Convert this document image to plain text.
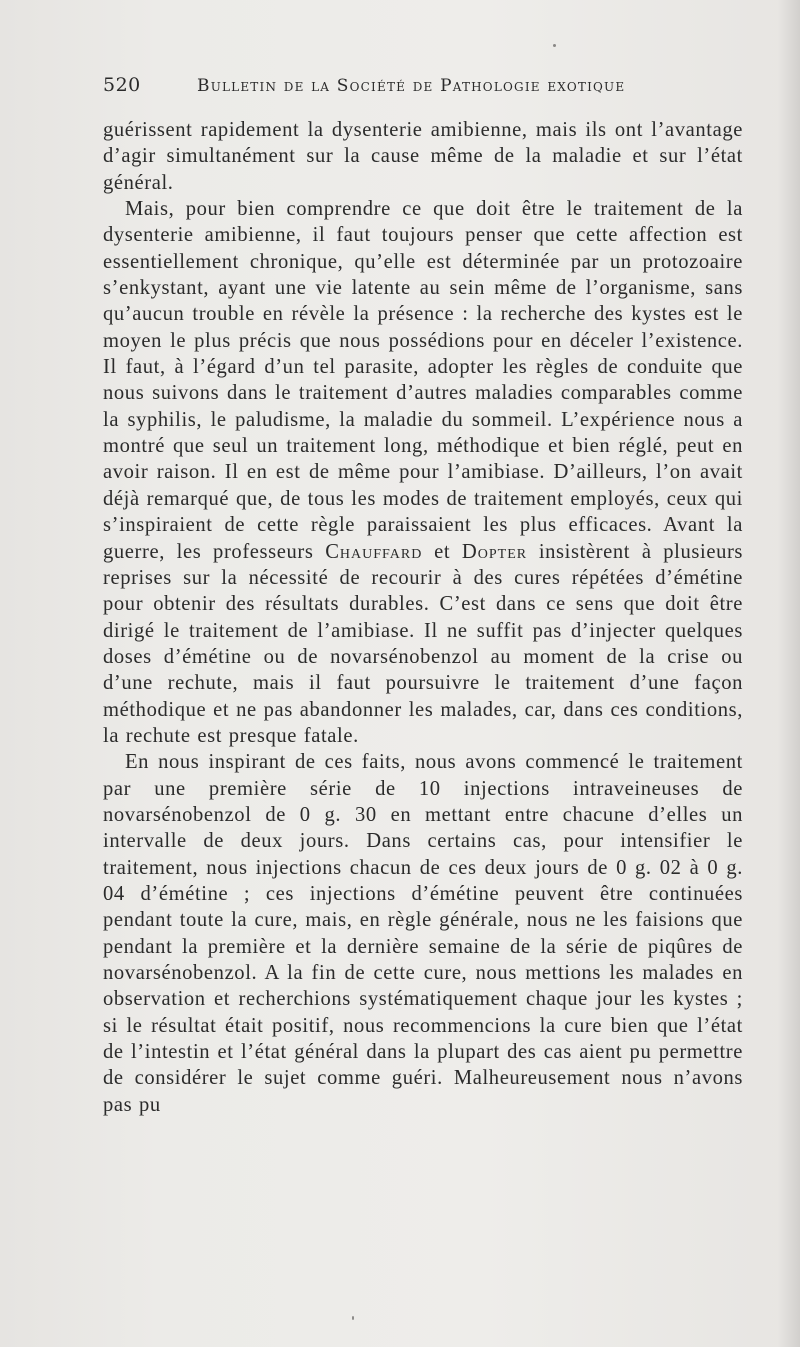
520	Bulletin de la Société de Pathologie exotique

guérissent rapidement la dysenterie amibienne, mais ils ont l’avantage d’agir simultanément sur la cause même de la maladie et sur l’état général.

Mais, pour bien comprendre ce que doit être le traitement de la dysenterie amibienne, il faut toujours penser que cette affection est essentiellement chronique, qu’elle est déterminée par un protozoaire s’enkystant, ayant une vie latente au sein même de l’organisme, sans qu’aucun trouble en révèle la présence : la recherche des kystes est le moyen le plus précis que nous possédions pour en déceler l’existence. Il faut, à l’égard d’un tel parasite, adopter les règles de conduite que nous suivons dans le traitement d’autres maladies comparables comme la syphilis, le paludisme, la maladie du sommeil. L’expérience nous a montré que seul un traitement long, méthodique et bien réglé, peut en avoir raison. Il en est de même pour l’amibiase. D’ailleurs, l’on avait déjà remarqué que, de tous les modes de traitement employés, ceux qui s’inspiraient de cette règle paraissaient les plus efficaces. Avant la guerre, les professeurs Chauffard et Dopter insistèrent à plusieurs reprises sur la nécessité de recourir à des cures répétées d’émétine pour obtenir des résultats durables. C’est dans ce sens que doit être dirigé le traitement de l’amibiase. Il ne suffit pas d’injecter quelques doses d’émétine ou de novarsénobenzol au moment de la crise ou d’une rechute, mais il faut poursuivre le traitement d’une façon méthodique et ne pas abandonner les malades, car, dans ces conditions, la rechute est presque fatale.

En nous inspirant de ces faits, nous avons commencé le traitement par une première série de 10 injections intraveineuses de novarsénobenzol de 0 g. 30 en mettant entre chacune d’elles un intervalle de deux jours. Dans certains cas, pour intensifier le traitement, nous injections chacun de ces deux jours de 0 g. 02 à 0 g. 04 d’émétine ; ces injections d’émétine peuvent être continuées pendant toute la cure, mais, en règle générale, nous ne les faisions que pendant la première et la dernière semaine de la série de piqûres de novarsénobenzol. A la fin de cette cure, nous mettions les malades en observation et recherchions systématiquement chaque jour les kystes ; si le résultat était positif, nous recommencions la cure bien que l’état de l’intestin et l’état général dans la plupart des cas aient pu permettre de considérer le sujet comme guéri. Malheureusement nous n’avons pas pu
